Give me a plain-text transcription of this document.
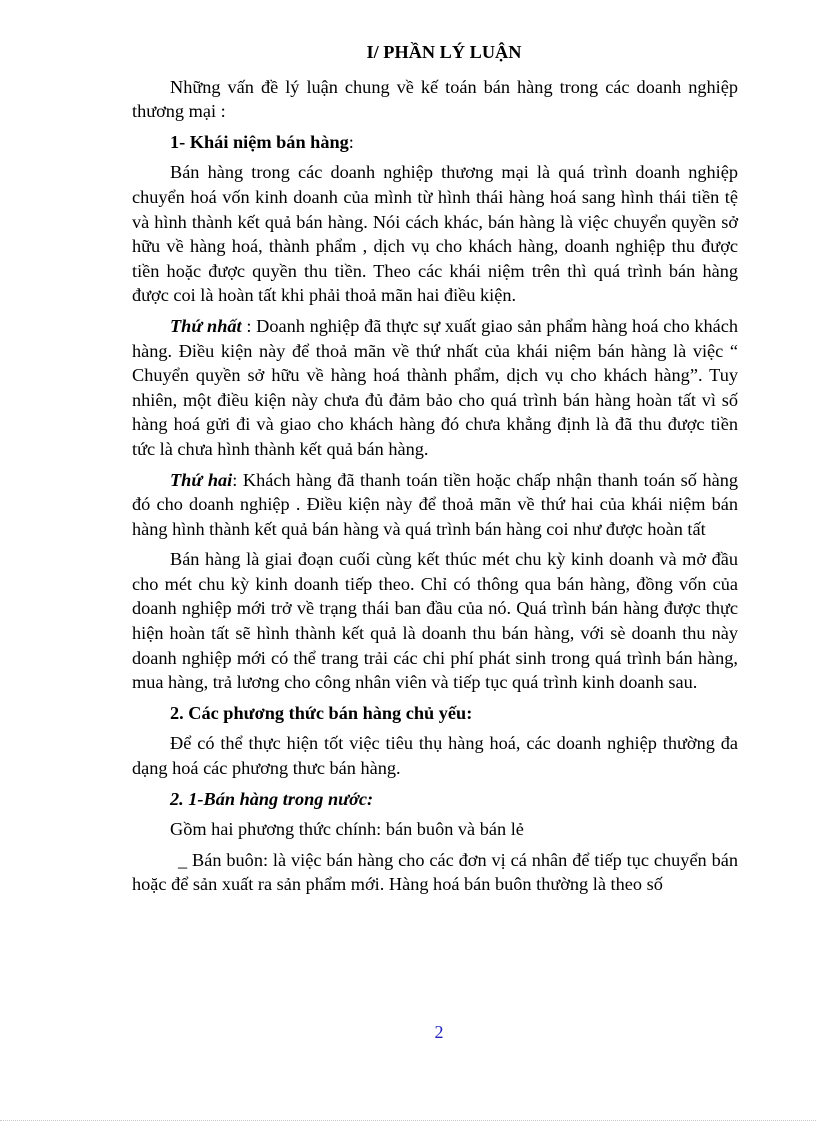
I/ PHẦN LÝ LUẬN

Những vấn đề lý luận chung về kế toán bán hàng trong các doanh nghiệp thương mại :

1- Khái niệm bán hàng:

Bán hàng trong các doanh nghiệp thương mại là quá trình doanh nghiệp chuyển hoá vốn kinh doanh của mình từ hình thái hàng hoá sang hình thái tiền tệ và hình thành kết quả bán hàng. Nói cách khác, bán hàng là việc chuyển quyền sở hữu về hàng hoá, thành phẩm , dịch vụ cho khách hàng, doanh nghiệp thu được tiền hoặc được quyền thu tiền. Theo các khái niệm trên thì quá trình bán hàng được coi là hoàn tất khi phải thoả mãn hai điều kiện.

Thứ nhất : Doanh nghiệp đã thực sự xuất giao sản phẩm hàng hoá cho khách hàng. Điều kiện này để thoả mãn về thứ nhất của khái niệm bán hàng là việc “ Chuyển quyền sở hữu về hàng hoá thành phẩm, dịch vụ cho khách hàng”. Tuy nhiên, một điều kiện này chưa đủ đảm bảo cho quá trình bán hàng hoàn tất vì số hàng hoá gửi đi và giao cho khách hàng đó chưa khẳng định là đã thu được tiền tức là chưa hình thành kết quả bán hàng.

Thứ hai: Khách hàng đã thanh toán tiền hoặc chấp nhận thanh toán số hàng đó cho doanh nghiệp . Điều kiện này để thoả mãn về thứ hai của khái niệm bán hàng hình thành kết quả bán hàng và quá trình bán hàng coi như được hoàn tất

Bán hàng là giai đoạn cuối cùng kết thúc mét chu kỳ kinh doanh và mở đầu cho mét chu kỳ kinh doanh tiếp theo. Chỉ có thông qua bán hàng, đồng vốn của doanh nghiệp mới trở về trạng thái ban đầu của nó. Quá trình bán hàng được thực hiện hoàn tất sẽ hình thành kết quả là doanh thu bán hàng, với sè doanh thu này doanh nghiệp mới có thể trang trải các chi phí phát sinh trong quá trình bán hàng, mua hàng, trả lương cho công nhân viên và tiếp tục quá trình kinh doanh sau.

2. Các phương thức bán hàng chủ yếu:

Để có thể thực hiện tốt việc tiêu thụ hàng hoá, các doanh nghiệp thường đa dạng hoá các phương thưc bán hàng.

2. 1-Bán hàng trong nước:

Gồm hai phương thức chính: bán buôn và bán lẻ

_ Bán buôn: là việc bán hàng cho các đơn vị cá nhân để tiếp tục chuyển bán hoặc để sản xuất ra sản phẩm mới. Hàng hoá bán buôn thường là theo số

2
